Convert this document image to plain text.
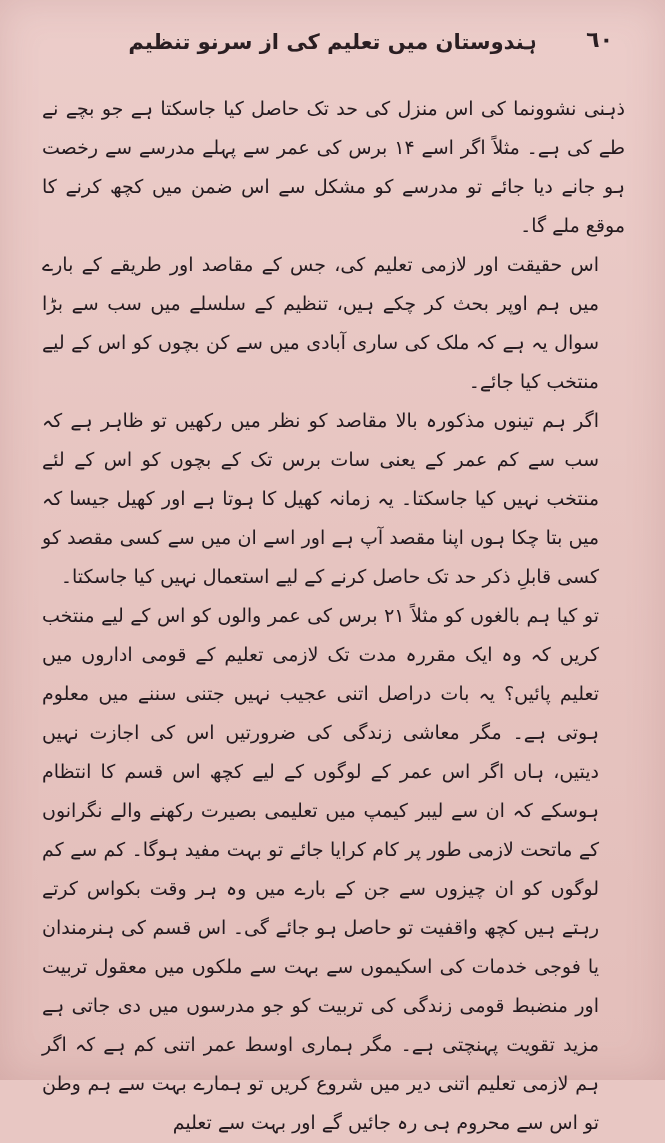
٦٠
ہندوستان میں تعلیم کی از سرنو تنظیم

ذہنی نشوونما کی اس منزل کی حد تک حاصل کیا جاسکتا ہے جو بچے نے طے کی ہے۔ مثلاً اگر اسے ۱۴ برس کی عمر سے پہلے مدرسے سے رخصت ہو جانے دیا جائے تو مدرسے کو مشکل سے اس ضمن میں کچھ کرنے کا موقع ملے گا۔

اس حقیقت اور لازمی تعلیم کی، جس کے مقاصد اور طریقے کے بارے میں ہم اوپر بحث کر چکے ہیں، تنظیم کے سلسلے میں سب سے بڑا سوال یہ ہے کہ ملک کی ساری آبادی میں سے کن بچوں کو اس کے لیے منتخب کیا جائے۔

اگر ہم تینوں مذکورہ بالا مقاصد کو نظر میں رکھیں تو ظاہر ہے کہ سب سے کم عمر کے یعنی سات برس تک کے بچوں کو اس کے لئے منتخب نہیں کیا جاسکتا۔ یہ زمانہ کھیل کا ہوتا ہے اور کھیل جیسا کہ میں بتا چکا ہوں اپنا مقصد آپ ہے اور اسے ان میں سے کسی مقصد کو کسی قابلِ ذکر حد تک حاصل کرنے کے لیے استعمال نہیں کیا جاسکتا۔

تو کیا ہم بالغوں کو مثلاً ۲۱ برس کی عمر والوں کو اس کے لیے منتخب کریں کہ وہ ایک مقررہ مدت تک لازمی تعلیم کے قومی اداروں میں تعلیم پائیں؟ یہ بات دراصل اتنی عجیب نہیں جتنی سننے میں معلوم ہوتی ہے۔ مگر معاشی زندگی کی ضرورتیں اس کی اجازت نہیں دیتیں، ہاں اگر اس عمر کے لوگوں کے لیے کچھ اس قسم کا انتظام ہوسکے کہ ان سے لیبر کیمپ میں تعلیمی بصیرت رکھنے والے نگرانوں کے ماتحت لازمی طور پر کام کرایا جائے تو بہت مفید ہوگا۔ کم سے کم لوگوں کو ان چیزوں سے جن کے بارے میں وہ ہر وقت بکواس کرتے رہتے ہیں کچھ واقفیت تو حاصل ہو جائے گی۔ اس قسم کی ہنرمندان یا فوجی خدمات کی اسکیموں سے بہت سے ملکوں میں معقول تربیت اور منضبط قومی زندگی کی تربیت کو جو مدرسوں میں دی جاتی ہے مزید تقویت پہنچتی ہے۔ مگر ہماری اوسط عمر اتنی کم ہے کہ اگر ہم لازمی تعلیم اتنی دیر میں شروع کریں تو ہمارے بہت سے ہم وطن تو اس سے محروم ہی رہ جائیں گے اور بہت سے تعلیم
